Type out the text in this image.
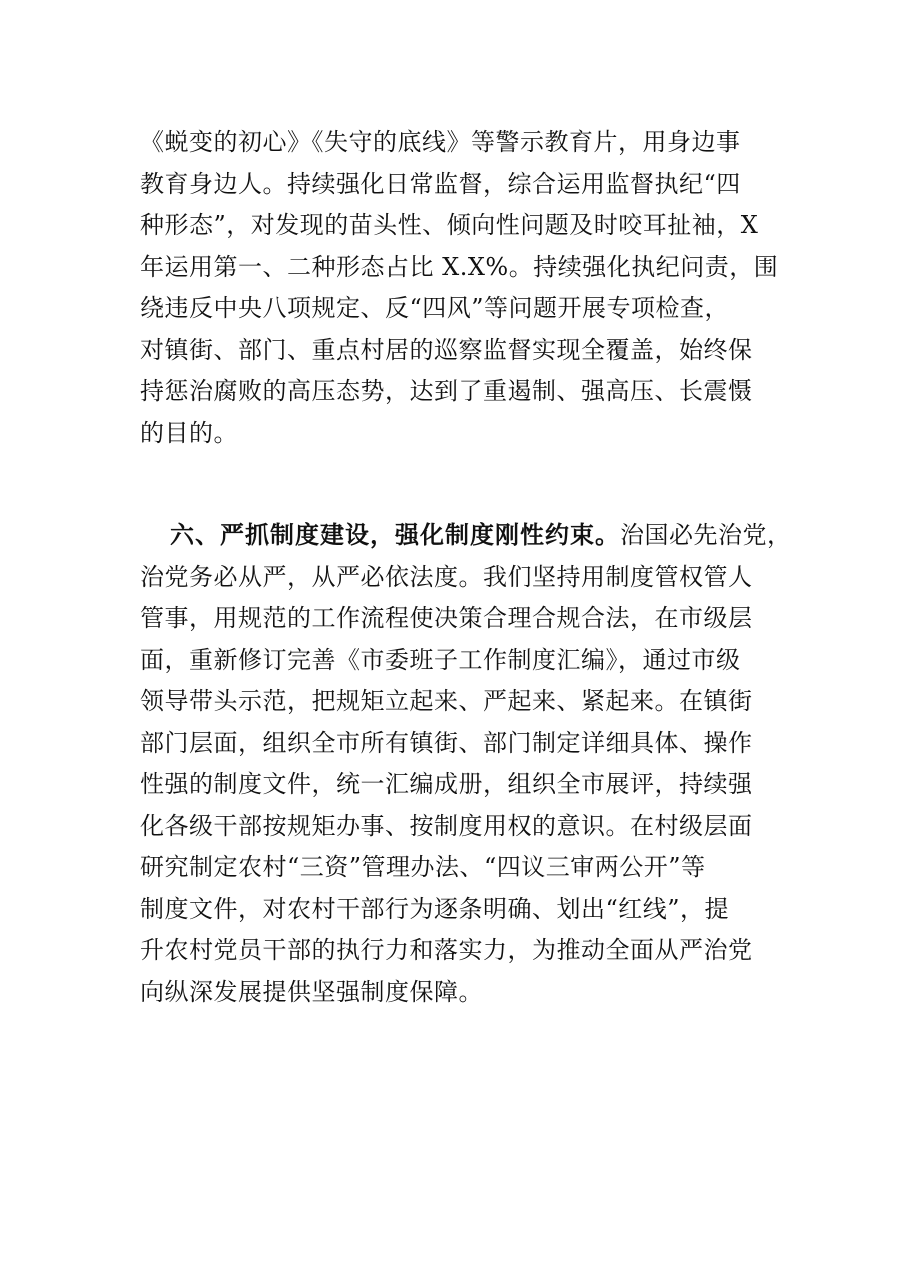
《蜕变的初心》《失守的底线》等警示教育片，用身边事
教育身边人。持续强化日常监督，综合运用监督执纪“四
种形态”，对发现的苗头性、倾向性问题及时咬耳扯袖，X
年运用第一、二种形态占比 X.X%。持续强化执纪问责，围
绕违反中央八项规定、反“四风”等问题开展专项检查，
对镇街、部门、重点村居的巡察监督实现全覆盖，始终保
持惩治腐败的高压态势，达到了重遏制、强高压、长震慑
的目的。
六、严抓制度建设，强化制度刚性约束。治国必先治党，
治党务必从严，从严必依法度。我们坚持用制度管权管人
管事，用规范的工作流程使决策合理合规合法，在市级层
面，重新修订完善《市委班子工作制度汇编》，通过市级
领导带头示范，把规矩立起来、严起来、紧起来。在镇街
部门层面，组织全市所有镇街、部门制定详细具体、操作
性强的制度文件，统一汇编成册，组织全市展评，持续强
化各级干部按规矩办事、按制度用权的意识。在村级层面
研究制定农村“三资”管理办法、“四议三审两公开”等
制度文件，对农村干部行为逐条明确、划出“红线”，提
升农村党员干部的执行力和落实力，为推动全面从严治党
向纵深发展提供坚强制度保障。
